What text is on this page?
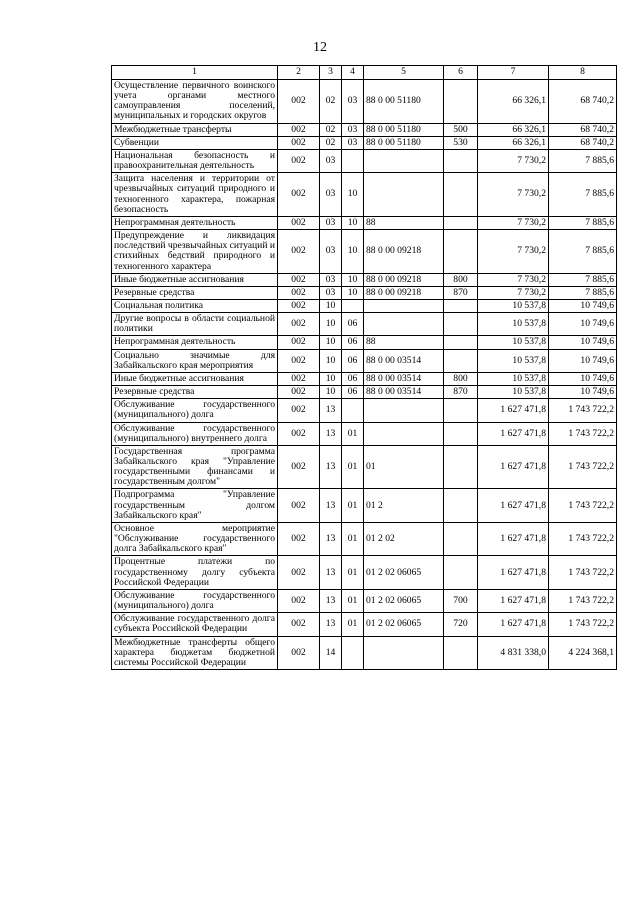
12
1	2	3	4	5	6	7	8
Осуществление первичного воинского учета органами местного самоуправления поселений, муниципальных и городских округов	002	02	03	88 0 00 51180		66 326,1	68 740,2
Межбюджетные трансферты	002	02	03	88 0 00 51180	500	66 326,1	68 740,2
Субвенции	002	02	03	88 0 00 51180	530	66 326,1	68 740,2
Национальная безопасность и правоохранительная деятельность	002	03				7 730,2	7 885,6
Защита населения и территории от чрезвычайных ситуаций природного и техногенного характера, пожарная безопасность	002	03	10			7 730,2	7 885,6
Непрограммная деятельность	002	03	10	88		7 730,2	7 885,6
Предупреждение и ликвидация последствий чрезвычайных ситуаций и стихийных бедствий природного и техногенного характера	002	03	10	88 0 00 09218		7 730,2	7 885,6
Иные бюджетные ассигнования	002	03	10	88 0 00 09218	800	7 730,2	7 885,6
Резервные средства	002	03	10	88 0 00 09218	870	7 730,2	7 885,6
Социальная политика	002	10				10 537,8	10 749,6
Другие вопросы в области социальной политики	002	10	06			10 537,8	10 749,6
Непрограммная деятельность	002	10	06	88		10 537,8	10 749,6
Социально значимые для Забайкальского края мероприятия	002	10	06	88 0 00 03514		10 537,8	10 749,6
Иные бюджетные ассигнования	002	10	06	88 0 00 03514	800	10 537,8	10 749,6
Резервные средства	002	10	06	88 0 00 03514	870	10 537,8	10 749,6
Обслуживание государственного (муниципального) долга	002	13				1 627 471,8	1 743 722,2
Обслуживание государственного (муниципального) внутреннего долга	002	13	01			1 627 471,8	1 743 722,2
Государственная программа Забайкальского края "Управление государственными финансами и государственным долгом"	002	13	01	01		1 627 471,8	1 743 722,2
Подпрограмма "Управление государственным долгом Забайкальского края"	002	13	01	01 2		1 627 471,8	1 743 722,2
Основное мероприятие "Обслуживание государственного долга Забайкальского края"	002	13	01	01 2 02		1 627 471,8	1 743 722,2
Процентные платежи по государственному долгу субъекта Российской Федерации	002	13	01	01 2 02 06065		1 627 471,8	1 743 722,2
Обслуживание государственного (муниципального) долга	002	13	01	01 2 02 06065	700	1 627 471,8	1 743 722,2
Обслуживание государственного долга субъекта Российской Федерации	002	13	01	01 2 02 06065	720	1 627 471,8	1 743 722,2
Межбюджетные трансферты общего характера бюджетам бюджетной системы Российской Федерации	002	14				4 831 338,0	4 224 368,1
